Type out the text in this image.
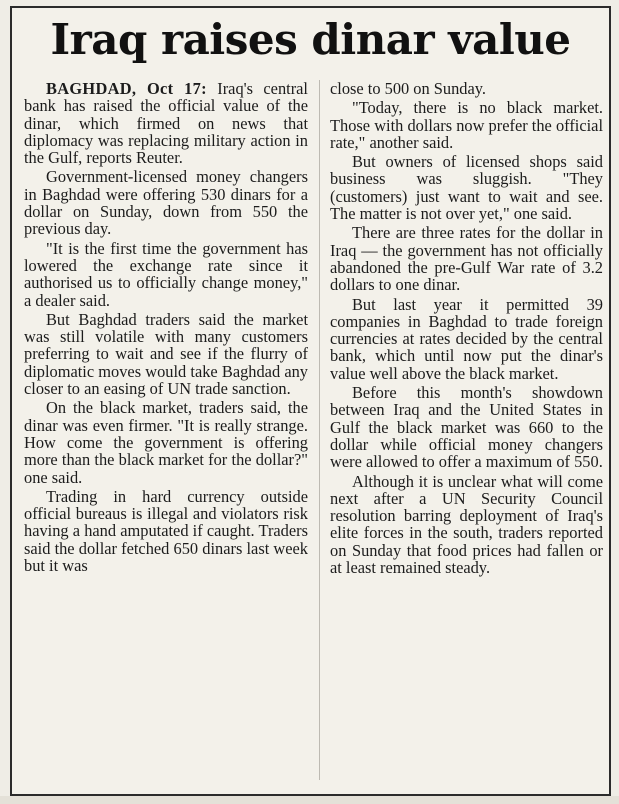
Iraq raises dinar value

BAGHDAD, Oct 17: Iraq's central bank has raised the official value of the dinar, which firmed on news that diplomacy was replacing military action in the Gulf, reports Reuter.

Government-licensed money changers in Baghdad were offering 530 dinars for a dollar on Sunday, down from 550 the previous day.

"It is the first time the government has lowered the exchange rate since it authorised us to officially change money," a dealer said.

But Baghdad traders said the market was still volatile with many customers preferring to wait and see if the flurry of diplomatic moves would take Baghdad any closer to an easing of UN trade sanction.

On the black market, traders said, the dinar was even firmer. "It is really strange. How come the government is offering more than the black market for the dollar?" one said.

Trading in hard currency outside official bureaus is illegal and violators risk having a hand amputated if caught. Traders said the dollar fetched 650 dinars last week but it was

close to 500 on Sunday.

"Today, there is no black market. Those with dollars now prefer the official rate," another said.

But owners of licensed shops said business was sluggish. "They (customers) just want to wait and see. The matter is not over yet," one said.

There are three rates for the dollar in Iraq — the government has not officially abandoned the pre-Gulf War rate of 3.2 dollars to one dinar.

But last year it permitted 39 companies in Baghdad to trade foreign currencies at rates decided by the central bank, which until now put the dinar's value well above the black market.

Before this month's showdown between Iraq and the United States in Gulf the black market was 660 to the dollar while official money changers were allowed to offer a maximum of 550.

Although it is unclear what will come next after a UN Security Council resolution barring deployment of Iraq's elite forces in the south, traders reported on Sunday that food prices had fallen or at least remained steady.
